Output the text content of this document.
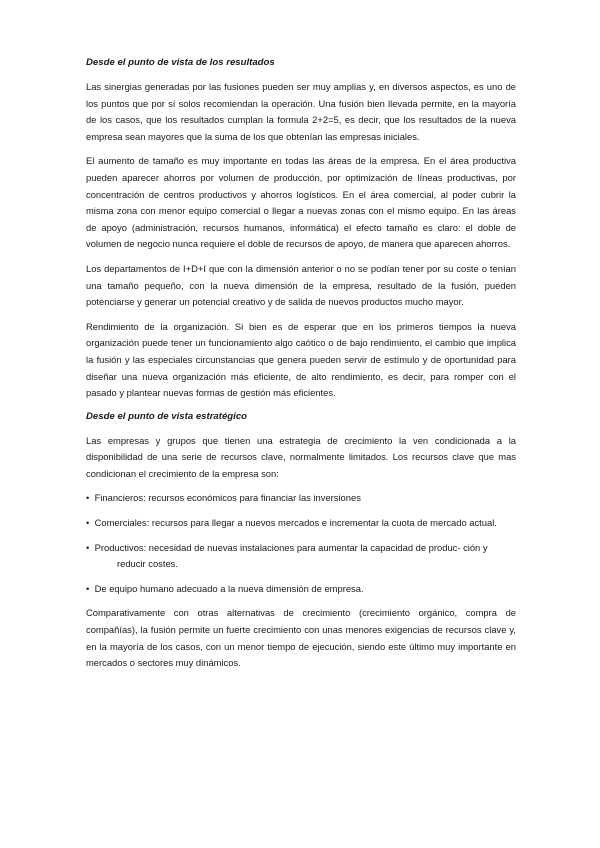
Desde el punto de vista de los resultados

Las sinergias generadas por las fusiones pueden ser muy amplias y, en diversos aspectos, es uno de los puntos que por sí solos recomiendan la operación. Una fusión bien llevada permite, en la mayoría de los casos, que los resultados cumplan la formula 2+2=5, es decir, que los resultados de la nueva empresa sean mayores que la suma de los que obtenían las empresas iniciales.

El aumento de tamaño es muy importante en todas las áreas de la empresa. En el área productiva pueden aparecer ahorros por volumen de producción, por optimización de líneas productivas, por concentración de centros productivos y ahorros logísticos. En el área comercial, al poder cubrir la misma zona con menor equipo comercial o llegar a nuevas zonas con el mismo equipo. En las áreas de apoyo (administración, recursos humanos, informática) el efecto tamaño es claro: el doble de volumen de negocio nunca requiere el doble de recursos de apoyo, de manera que aparecen ahorros.

Los departamentos de I+D+I que con la dimensión anterior o no se podían tener por su coste o tenían una tamaño pequeño, con la nueva dimensión de la empresa, resultado de la fusión, pueden potenciarse y generar un potencial creativo y de salida de nuevos productos mucho mayor.

Rendimiento de la organización. Si bien es de esperar que en los primeros tiempos la nueva organización puede tener un funcionamiento algo caótico o de bajo rendimiento, el cambio que implica la fusión y las especiales circunstancias que genera pueden servir de estímulo y de oportunidad para diseñar una nueva organización más eficiente, de alto rendimiento, es decir, para romper con el pasado y plantear nuevas formas de gestión más eficientes.

Desde el punto de vista estratégico

Las empresas y grupos que tienen una estrategia de crecimiento la ven condicionada a la disponibilidad de una serie de recursos clave, normalmente limitados. Los recursos clave que mas condicionan el crecimiento de la empresa son:

• Financieros: recursos económicos para financiar las inversiones
• Comerciales: recursos para llegar a nuevos mercados e incrementar la cuota de mercado actual.
• Productivos: necesidad de nuevas instalaciones para aumentar la capacidad de produc- ción y reducir costes.
• De equipo humano adecuado a la nueva dimensión de empresa.

Comparativamente con otras alternativas de crecimiento (crecimiento orgánico, compra de compañías), la fusión permite un fuerte crecimiento con unas menores exigencias de recursos clave y, en la mayoría de los casos, con un menor tiempo de ejecución, siendo este último muy importante en mercados o sectores muy dinámicos.
